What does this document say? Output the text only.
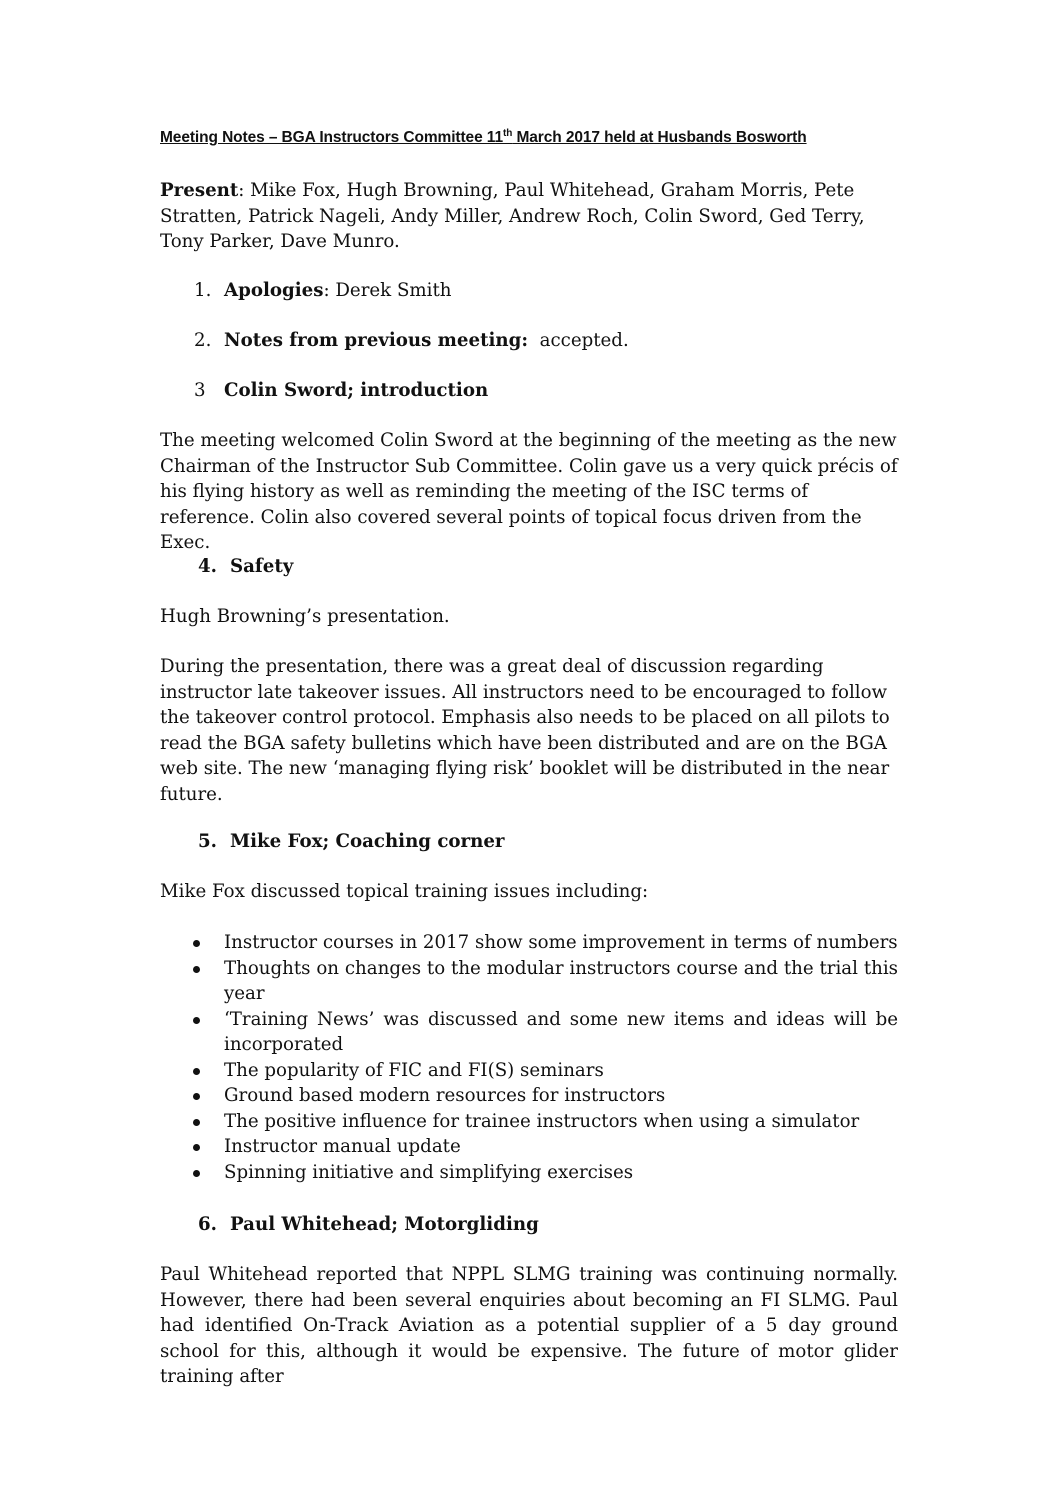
Meeting Notes – BGA Instructors Committee 11th March 2017 held at Husbands Bosworth

Present: Mike Fox, Hugh Browning, Paul Whitehead, Graham Morris, Pete Stratten, Patrick Nageli, Andy Miller, Andrew Roch, Colin Sword, Ged Terry, Tony Parker, Dave Munro.

1. Apologies: Derek Smith
2. Notes from previous meeting:  accepted.
3 Colin Sword; introduction

The meeting welcomed Colin Sword at the beginning of the meeting as the new Chairman of the Instructor Sub Committee. Colin gave us a very quick précis of his flying history as well as reminding the meeting of the ISC terms of reference. Colin also covered several points of topical focus driven from the Exec.

4. Safety

Hugh Browning’s presentation.

During the presentation, there was a great deal of discussion regarding instructor late takeover issues. All instructors need to be encouraged to follow the takeover control protocol. Emphasis also needs to be placed on all pilots to read the BGA safety bulletins which have been distributed and are on the BGA web site. The new ‘managing flying risk’ booklet will be distributed in the near future.

5. Mike Fox; Coaching corner

Mike Fox discussed topical training issues including:

Instructor courses in 2017 show some improvement in terms of numbers
Thoughts on changes to the modular instructors course and the trial this year
‘Training News’ was discussed and some new items and ideas will be incorporated
The popularity of FIC and FI(S) seminars
Ground based modern resources for instructors
The positive influence for trainee instructors when using a simulator
Instructor manual update
Spinning initiative and simplifying exercises
6. Paul Whitehead; Motorgliding

Paul Whitehead reported that NPPL SLMG training was continuing normally. However, there had been several enquiries about becoming an FI SLMG. Paul had identified On-Track Aviation as a potential supplier of a 5 day ground school for this, although it would be expensive. The future of motor glider training after
